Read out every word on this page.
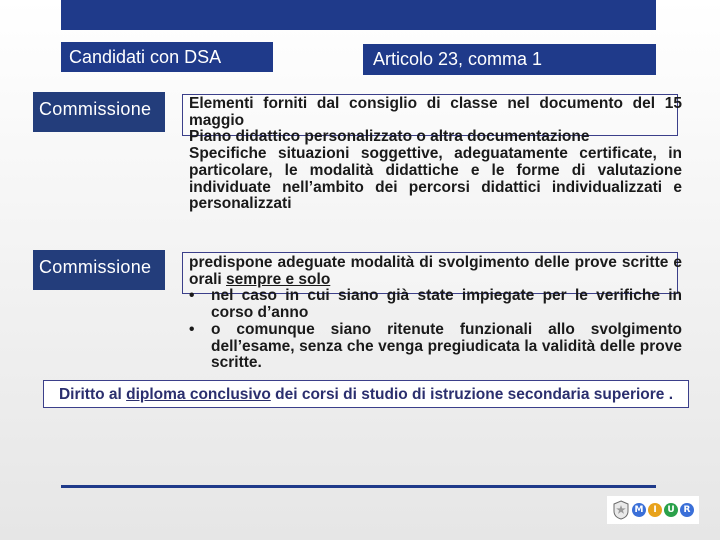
Candidati con DSA	Articolo 23, comma 1
Commissione	Elementi forniti dal consiglio di classe nel documento del 15 maggio

Piano didattico personalizzato o altra documentazione

Specifiche situazioni soggettive, adeguatamente certificate, in particolare, le modalità didattiche e le forme di valutazione individuate nell’ambito dei percorsi didattici individualizzati e personalizzati

Commissione	predispone adeguate modalità di svolgimento delle prove scritte e orali sempre e solo

•	nel caso in cui siano già state impiegate per le verifiche in corso d’anno
•	o comunque siano ritenute funzionali allo svolgimento dell’esame, senza che venga pregiudicata la validità delle prove scritte.
Diritto al diploma conclusivo dei corsi di studio di istruzione secondaria superiore .
M	I	U R
